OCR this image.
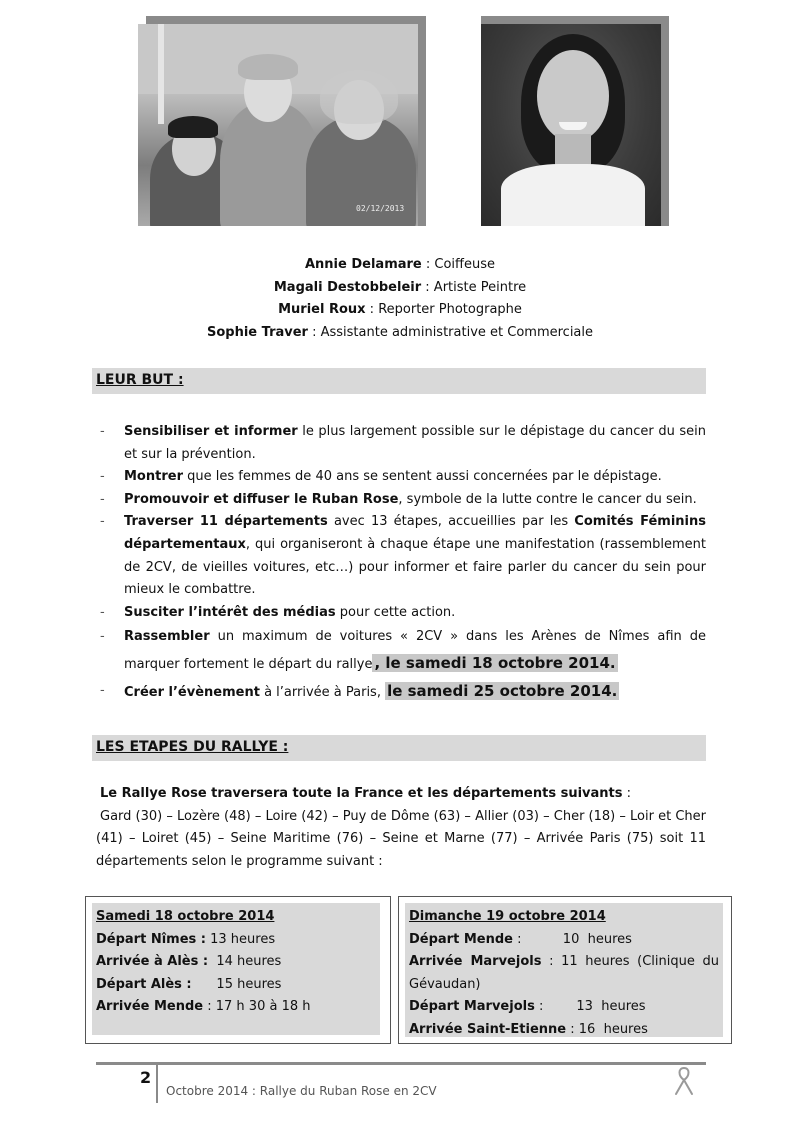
02/12/2013
Annie Delamare : Coiffeuse
Magali Destobbeleir : Artiste Peintre
Muriel Roux : Reporter Photographe
Sophie Traver : Assistante administrative et Commerciale
LEUR BUT :
- Sensibiliser et informer le plus largement possible sur le dépistage du cancer du sein et sur la prévention.
- Montrer que les femmes de 40 ans se sentent aussi concernées par le dépistage.
- Promouvoir et diffuser le Ruban Rose, symbole de la lutte contre le cancer du sein.
- Traverser 11 départements avec 13 étapes, accueillies par les Comités Féminins départementaux, qui organiseront à chaque étape une manifestation (rassemblement de 2CV, de vieilles voitures, etc…) pour informer et faire parler du cancer du sein pour mieux le combattre.
- Susciter l’intérêt des médias pour cette action.
- Rassembler un maximum de voitures « 2CV » dans les Arènes de Nîmes afin de marquer fortement le départ du rallye , le samedi 18 octobre 2014.
- Créer l’évènement à l’arrivée à Paris, le samedi 25 octobre 2014.
LES ETAPES DU RALLYE :
Le Rallye Rose traversera toute la France et les départements suivants :
Gard (30) – Lozère (48) – Loire (42) – Puy de Dôme (63) – Allier (03) – Cher (18) – Loir et Cher (41) – Loiret (45) – Seine Maritime (76) – Seine et Marne (77) – Arrivée Paris (75) soit 11 départements selon le programme suivant :
Samedi 18 octobre 2014
Départ Nîmes : 13 heures
Arrivée à Alès :  14 heures
Départ Alès :      15 heures
Arrivée Mende : 17 h 30 à 18 h
Dimanche 19 octobre 2014
Départ Mende :          10  heures
Arrivée Marvejols : 11 heures (Clinique du Gévaudan)
Départ Marvejols :        13  heures
Arrivée Saint-Etienne : 16  heures
2
Octobre 2014 : Rallye du Ruban Rose en 2CV
